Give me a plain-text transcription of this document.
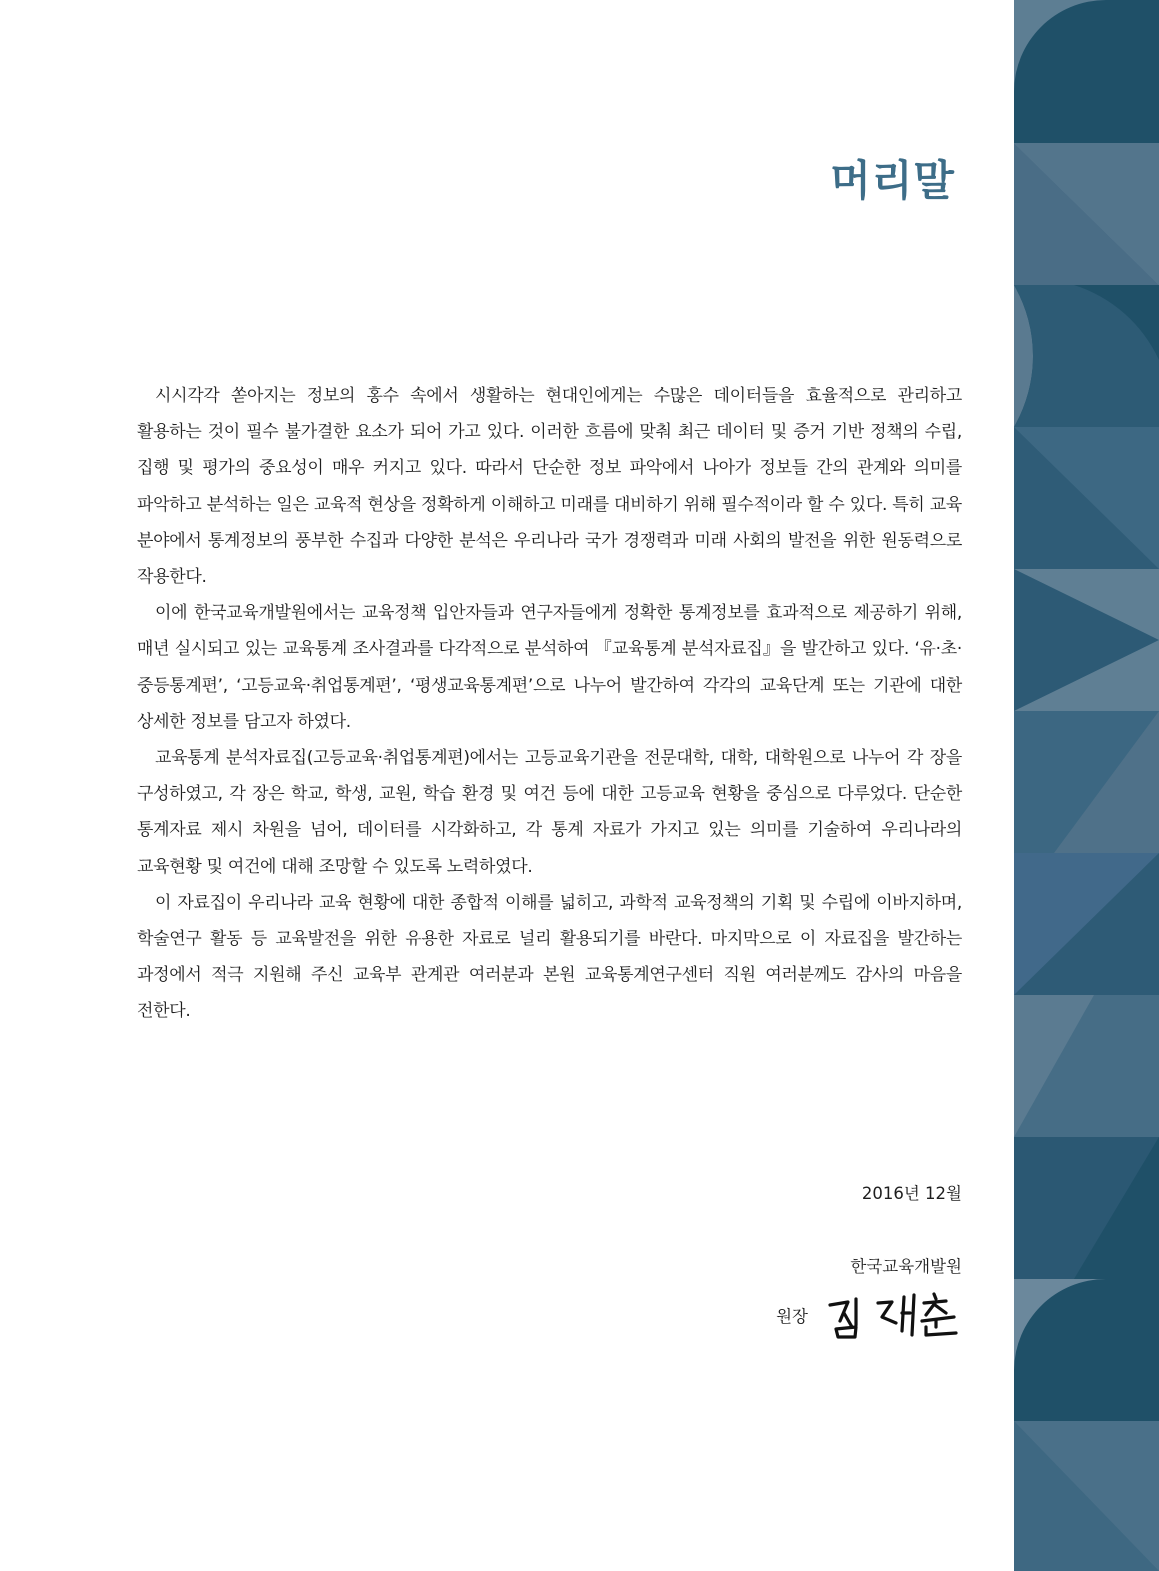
머리말

시시각각 쏟아지는 정보의 홍수 속에서 생활하는 현대인에게는 수많은 데이터들을 효율적으로 관리하고 활용하는 것이 필수 불가결한 요소가 되어 가고 있다. 이러한 흐름에 맞춰 최근 데이터 및 증거 기반 정책의 수립, 집행 및 평가의 중요성이 매우 커지고 있다. 따라서 단순한 정보 파악에서 나아가 정보들 간의 관계와 의미를 파악하고 분석하는 일은 교육적 현상을 정확하게 이해하고 미래를 대비하기 위해 필수적이라 할 수 있다. 특히 교육 분야에서 통계정보의 풍부한 수집과 다양한 분석은 우리나라 국가 경쟁력과 미래 사회의 발전을 위한 원동력으로 작용한다.

이에 한국교육개발원에서는 교육정책 입안자들과 연구자들에게 정확한 통계정보를 효과적으로 제공하기 위해, 매년 실시되고 있는 교육통계 조사결과를 다각적으로 분석하여 『교육통계 분석자료집』을 발간하고 있다. ‘유·초·중등통계편’, ‘고등교육·취업통계편’, ‘평생교육통계편’으로 나누어 발간하여 각각의 교육단계 또는 기관에 대한 상세한 정보를 담고자 하였다.

교육통계 분석자료집(고등교육·취업통계편)에서는 고등교육기관을 전문대학, 대학, 대학원으로 나누어 각 장을 구성하였고, 각 장은 학교, 학생, 교원, 학습 환경 및 여건 등에 대한 고등교육 현황을 중심으로 다루었다. 단순한 통계자료 제시 차원을 넘어, 데이터를 시각화하고, 각 통계 자료가 가지고 있는 의미를 기술하여 우리나라의 교육현황 및 여건에 대해 조망할 수 있도록 노력하였다.

이 자료집이 우리나라 교육 현황에 대한 종합적 이해를 넓히고, 과학적 교육정책의 기획 및 수립에 이바지하며, 학술연구 활동 등 교육발전을 위한 유용한 자료로 널리 활용되기를 바란다. 마지막으로 이 자료집을 발간하는 과정에서 적극 지원해 주신 교육부 관계관 여러분과 본원 교육통계연구센터 직원 여러분께도 감사의 마음을 전한다.

2016년 12월

한국교육개발원

원장
